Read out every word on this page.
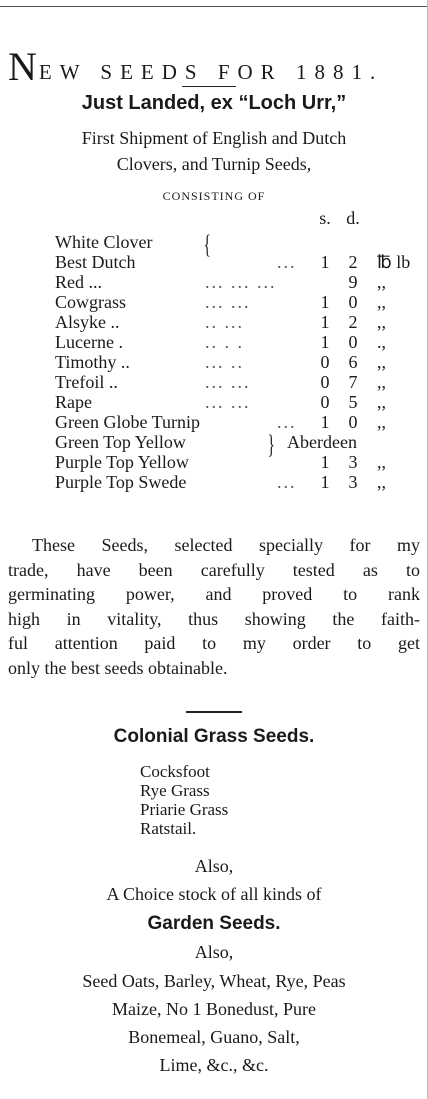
N EW SEEDS FOR 1881.
Just Landed, ex “Loch Urr,”
First Shipment of English and Dutch
Clovers, and Turnip Seeds,
CONSISTING OF
s. d.
White Clover
Best Dutch	...	1 2 ℔ lb
{
Red ...	... ... ...	9 ,,
Cowgrass	... ...	1 0 ,,
Alsyke ..	.. ...	1 2 ,,
Lucerne .	.. . .	1 0 .,
Timothy ..	... ..	0 6 ,,
Trefoil ..	... ...	0 7 ,,
Rape	... ...	0 5 ,,
Green Globe Turnip	...	1 0 ,,
Green Top Yellow	Aberdeen
Purple Top Yellow	1 3 ,,
}
Purple Top Swede	...	1 3 ,,
These Seeds, selected specially for my
trade, have been carefully tested as to
germinating power, and proved to rank
high in vitality, thus showing the faith-
ful attention paid to my order to get
only the best seeds obtainable.
Colonial Grass Seeds.
Cocksfoot
Rye Grass
Priarie Grass
Ratstail.
Also,
A Choice stock of all kinds of
Garden Seeds.
Also,
Seed Oats, Barley, Wheat, Rye, Peas
Maize, No 1 Bonedust, Pure
Bonemeal, Guano, Salt,
Lime, &c., &c.
